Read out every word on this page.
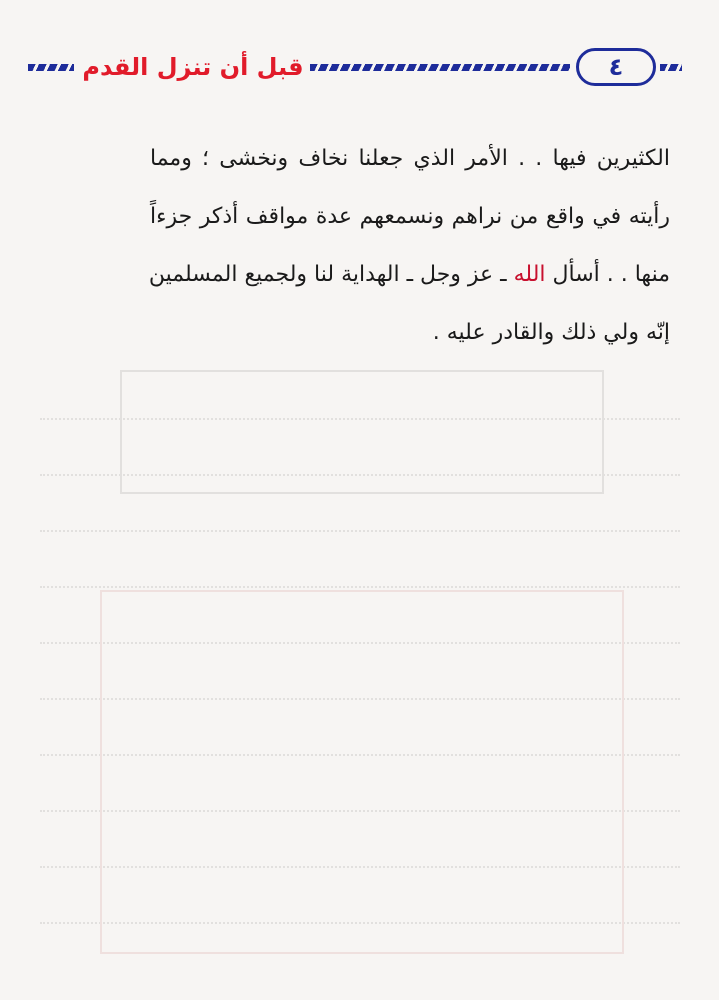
قبل أن تنزل القدم	٤
الكثيرين فيها . . الأمر الذي جعلنا نخاف ونخشى ؛ ومما
رأيته في واقع من نراهم ونسمعهم عدة مواقف أذكر جزءاً
منها . . أسأل الله ـ عز وجل ـ الهداية لنا ولجميع المسلمين
إنّه ولي ذلك والقادر عليه .
